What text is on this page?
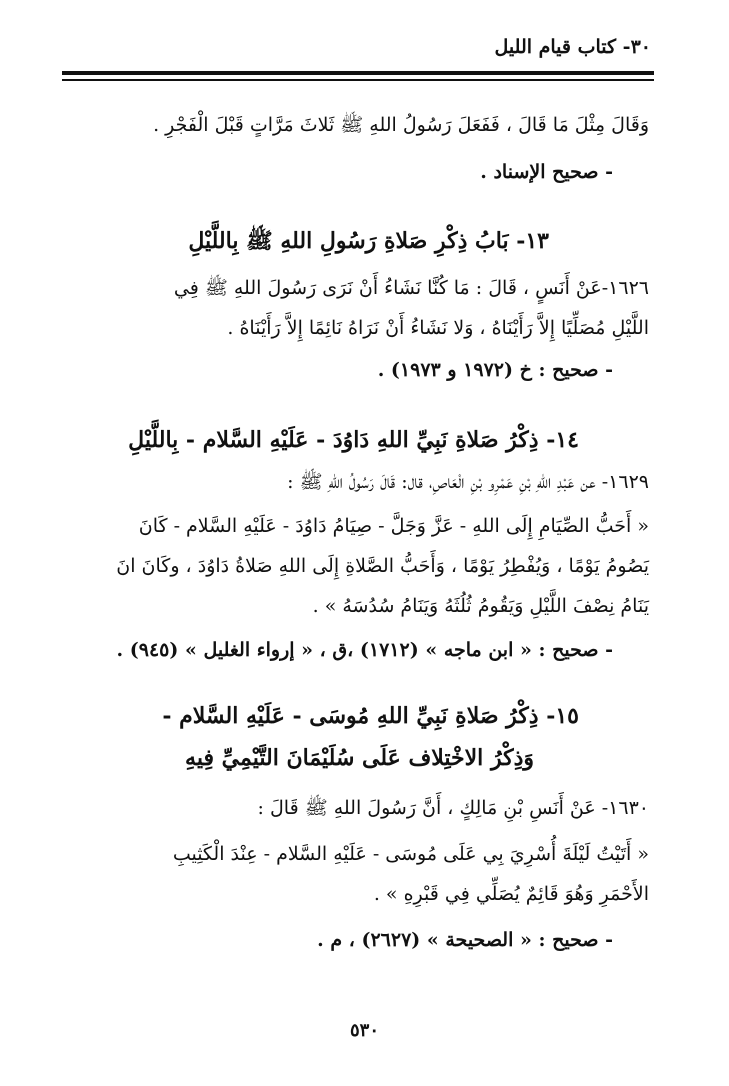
٣٠- كتاب قيام الليل
وَقَالَ مِثْلَ مَا قَالَ ، فَفَعَلَ رَسُولُ اللهِ ﷺ ثَلاثَ مَرَّاتٍ قَبْلَ الْفَجْرِ .
- صحيح الإسناد .
١٣- بَابُ ذِكْرِ صَلاةِ رَسُولِ اللهِ ﷺ بِاللَّيْلِ
١٦٢٦-عَنْ أَنَسٍ ، قَالَ : مَا كُنَّا نَشَاءُ أَنْ نَرَى رَسُولَ اللهِ ﷺ فِي
اللَّيْلِ مُصَلِّيًا إِلاَّ رَأَيْنَاهُ ، وَلا نَشَاءُ أَنْ نَرَاهُ نَائِمًا إِلاَّ رَأَيْنَاهُ .
- صحيح : خ (١٩٧٢ و ١٩٧٣) .
١٤- ذِكْرُ صَلاةِ نَبِيِّ اللهِ دَاوُدَ - عَلَيْهِ السَّلام - بِاللَّيْلِ
١٦٢٩- عن عَبْدِ اللهِ بْنِ عَمْرِو بْنِ الْعَاصِ، قال: قَالَ رَسُولُ اللهِ ﷺ :
« أَحَبُّ الصِّيَامِ إِلَى اللهِ - عَزَّ وَجَلَّ - صِيَامُ دَاوُدَ - عَلَيْهِ السَّلام - كَانَ
يَصُومُ يَوْمًا ، وَيُفْطِرُ يَوْمًا ، وَأَحَبُّ الصَّلاةِ إِلَى اللهِ صَلاةُ دَاوُدَ ، وكَانَ انَ
يَنَامُ نِصْفَ اللَّيْلِ وَيَقُومُ ثُلُثَهُ وَيَنَامُ سُدُسَهُ » .
- صحيح : « ابن ماجه » (١٧١٢) ،ق ، « إرواء الغليل » (٩٤٥) .
١٥- ذِكْرُ صَلاةِ نَبِيِّ اللهِ مُوسَى - عَلَيْهِ السَّلام -
وَذِكْرُ الاخْتِلاف عَلَى سُلَيْمَانَ التَّيْمِيِّ فِيهِ
١٦٣٠- عَنْ أَنَسِ بْنِ مَالِكٍ ، أَنَّ رَسُولَ اللهِ ﷺ قَالَ :
« أَتَيْتُ لَيْلَةَ أُسْرِيَ بِي عَلَى مُوسَى - عَلَيْهِ السَّلام - عِنْدَ الْكَثِيبِ
الأَحْمَرِ وَهُوَ قَائِمٌ يُصَلِّي فِي قَبْرِهِ » .
- صحيح : « الصحيحة » (٢٦٢٧) ، م .
٥٣٠
